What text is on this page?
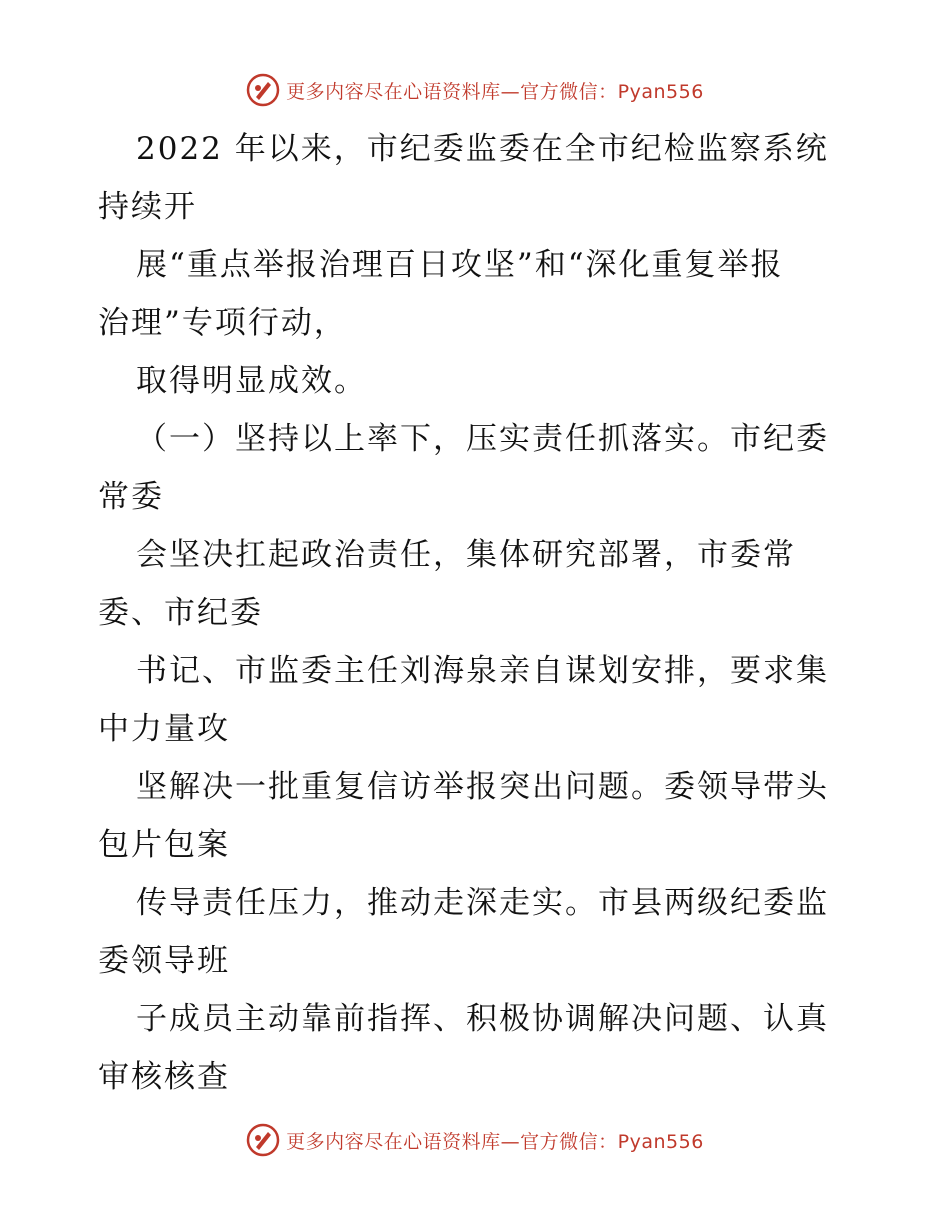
更多内容尽在心语资料库—官方微信：Pyan556
2022 年以来，市纪委监委在全市纪检监察系统
持续开
展“重点举报治理百日攻坚”和“深化重复举报
治理”专项行动，
取得明显成效。
（一）坚持以上率下，压实责任抓落实。市纪委
常委
会坚决扛起政治责任，集体研究部署，市委常
委、市纪委
书记、市监委主任刘海泉亲自谋划安排，要求集
中力量攻
坚解决一批重复信访举报突出问题。委领导带头
包片包案
传导责任压力，推动走深走实。市县两级纪委监
委领导班
子成员主动靠前指挥、积极协调解决问题、认真
审核核查
更多内容尽在心语资料库—官方微信：Pyan556
